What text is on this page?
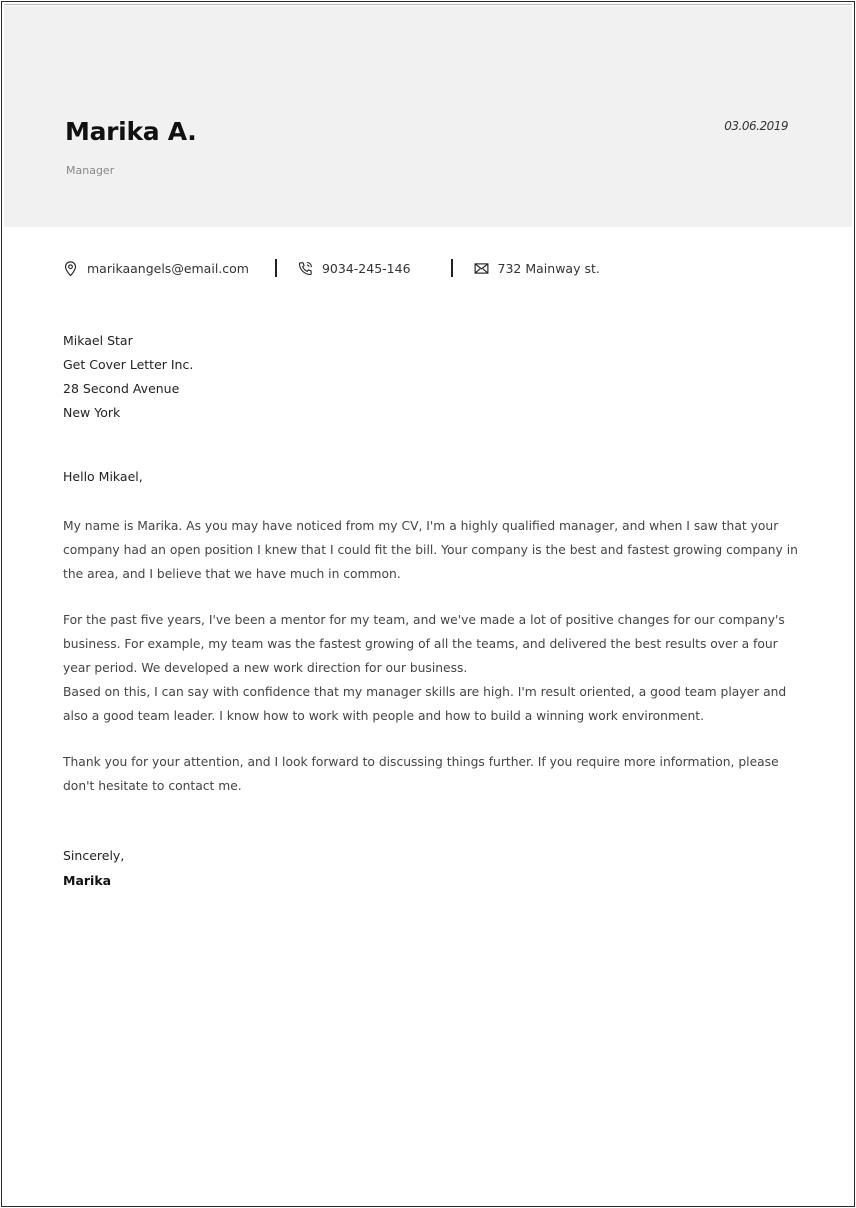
Marika A.
Manager
03.06.2019
marikaangels@email.com	9034-245-146	732 Mainway st.
Mikael Star
Get Cover Letter Inc.
28 Second Avenue
New York
Hello Mikael,

My name is Marika. As you may have noticed from my CV, I'm a highly qualified manager, and when I saw that your company had an open position I knew that I could fit the bill. Your company is the best and fastest growing company in the area, and I believe that we have much in common.

For the past five years, I've been a mentor for my team, and we've made a lot of positive changes for our company's business. For example, my team was the fastest growing of all the teams, and delivered the best results over a four year period. We developed a new work direction for our business.

Based on this, I can say with confidence that my manager skills are high. I'm result oriented, a good team player and also a good team leader. I know how to work with people and how to build a winning work environment.

Thank you for your attention, and I look forward to discussing things further. If you require more information, please don't hesitate to contact me.

Sincerely,
Marika
